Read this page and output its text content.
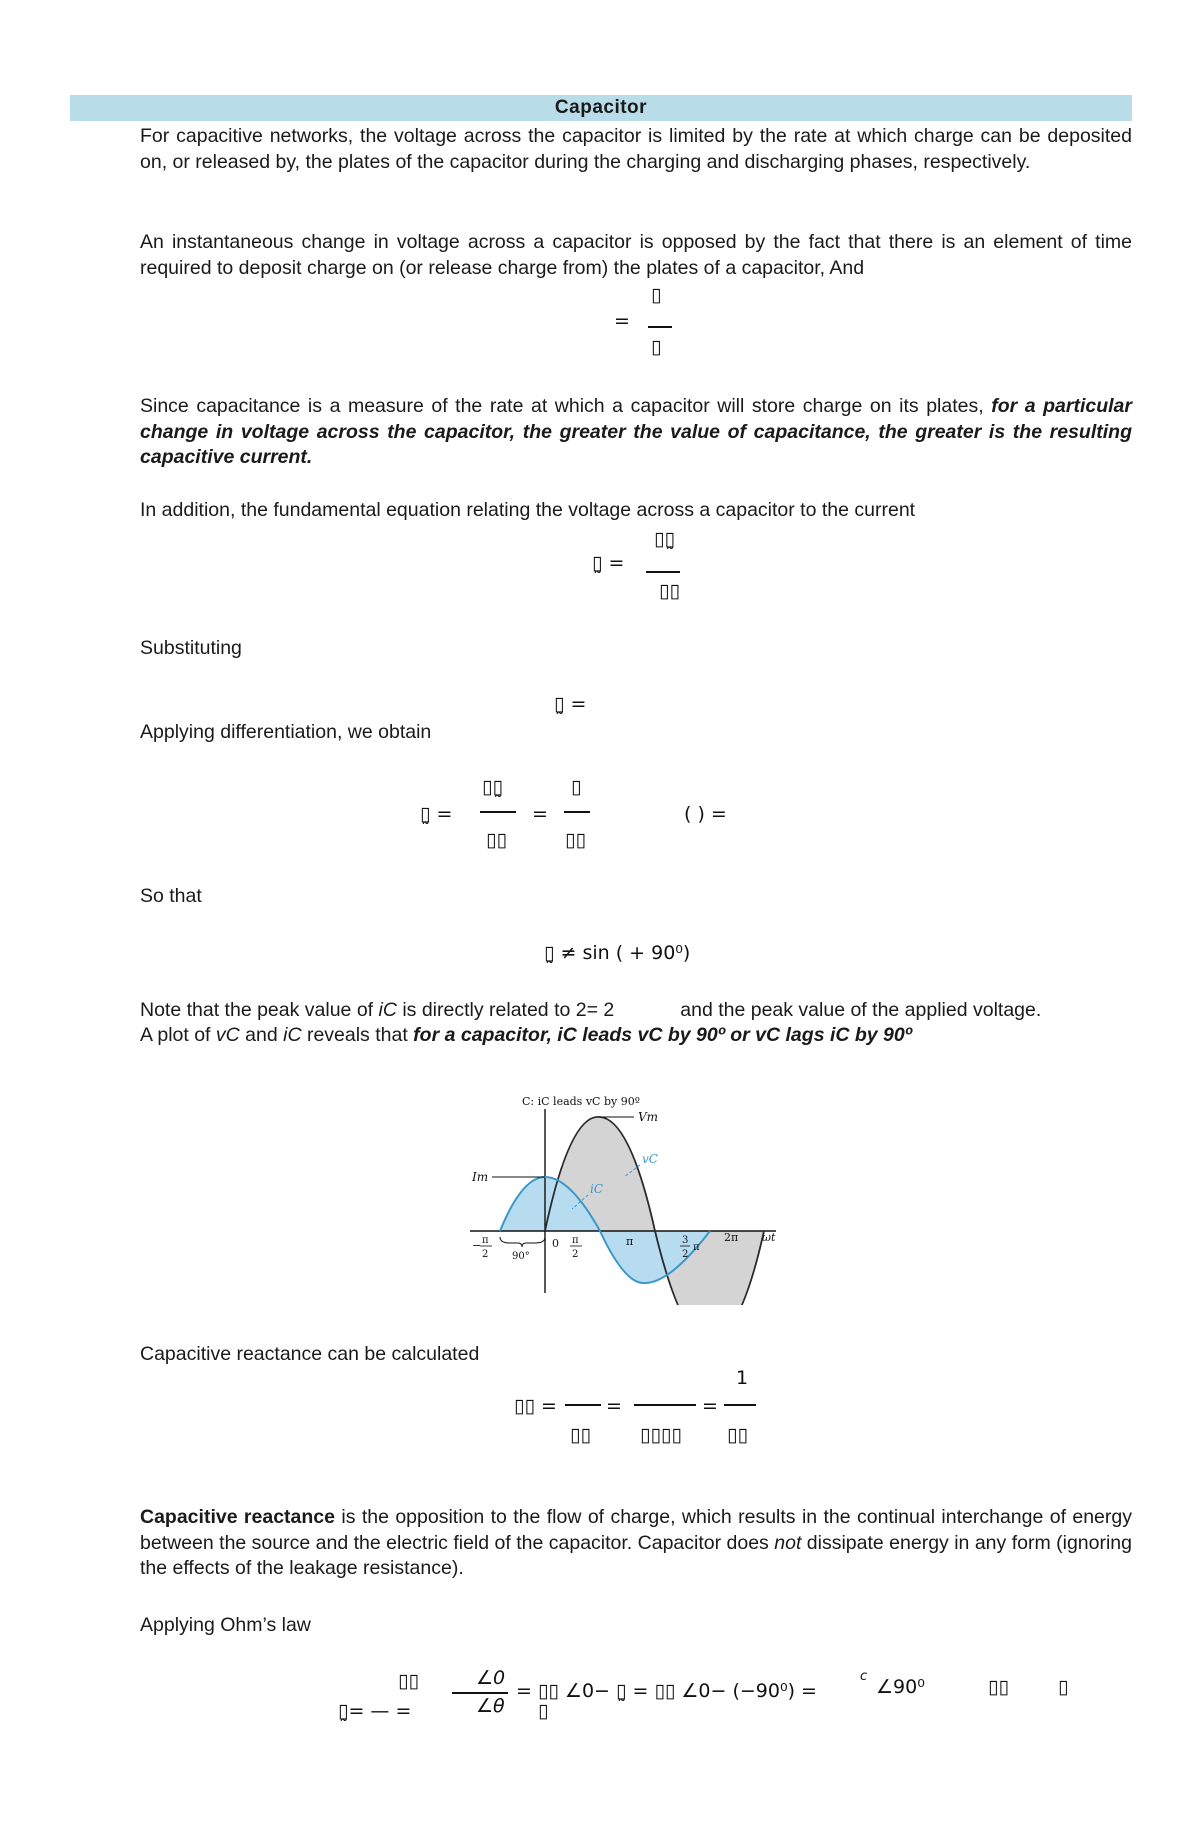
Capacitor
For capacitive networks, the voltage across the capacitor is limited by the rate at which charge can be deposited on, or released by, the plates of the capacitor during the charging and discharging phases, respectively.
An instantaneous change in voltage across a capacitor is opposed by the fact that there is an element of time required to deposit charge on (or release charge from) the plates of a capacitor, And
=
▯
▯
Since capacitance is a measure of the rate at which a capacitor will store charge on its plates, for a particular change in voltage across the capacitor, the greater the value of capacitance, the greater is the resulting capacitive current.
In addition, the fundamental equation relating the voltage across a capacitor to the current
▯̰ =
▯▯̰
▯▯
Substituting
▯̰ =
Applying differentiation, we obtain
▯̰ =
▯▯̰
▯▯
=
▯
▯▯
( ) =
So that
▯̰ ≠ sin ( + 90⁰)
Note that the peak value of iC is directly related to 2= 2	and the peak value of the applied voltage.
A plot of vC and iC reveals that for a capacitor, iC leads vC by 90º or vC lags iC by 90º
C: iC leads vC by 90º
Vm
Im
iC
vC
0 π
2
− π
2 90°
π	3
2
π
2π ωt
Capacitive reactance can be calculated
▯▯ =
▯▯
=
▯▯▯▯
=
1
▯▯
Capacitive reactance is the opposition to the flow of charge, which results in the continual interchange of energy between the source and the electric field of the capacitor. Capacitor does not dissipate energy in any form (ignoring the effects of the leakage resistance).
Applying Ohm’s law
▯̰= — =
▯▯	∠0
∠θ
= ▯▯ ∠0− ▯̰ = ▯▯ ∠0− (−90⁰) =
▯
c ∠90⁰	▯▯	▯
